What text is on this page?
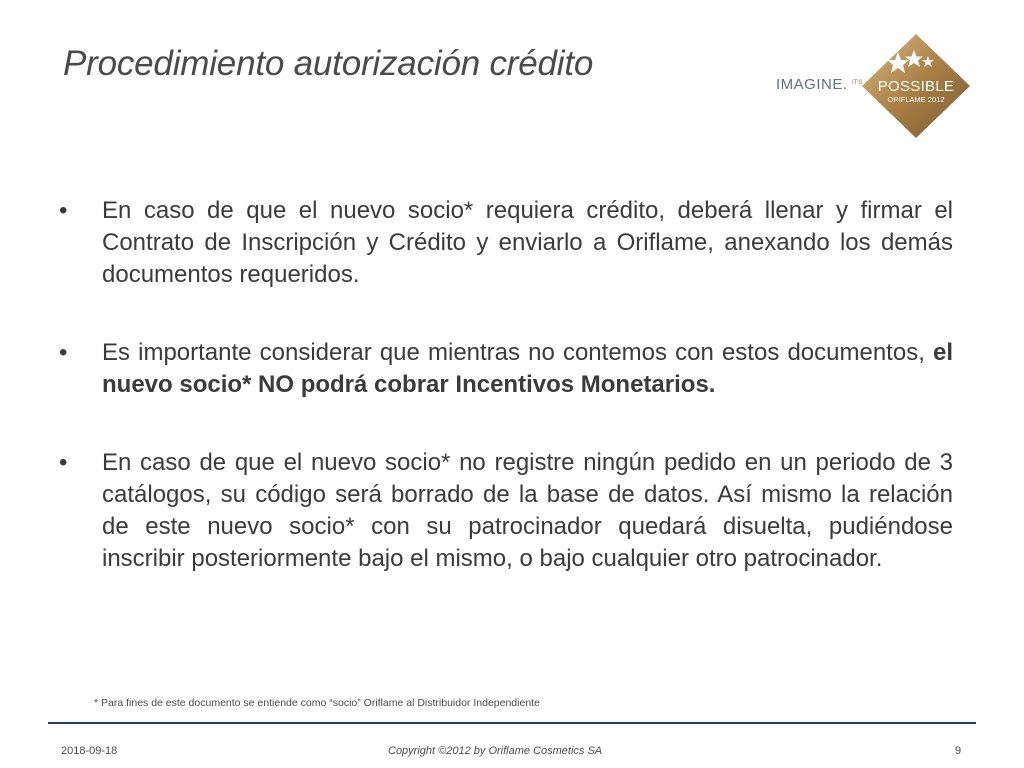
Procedimiento autorización crédito
IMAGINE. IT'S POSSIBLE
ORIFLAME 2012
•	En caso de que el nuevo socio* requiera crédito, deberá llenar y firmar el Contrato de Inscripción y Crédito y enviarlo a Oriflame, anexando los demás documentos requeridos.
•	Es importante considerar que mientras no contemos con estos documentos, el nuevo socio* NO podrá cobrar Incentivos Monetarios.
•	En caso de que el nuevo socio* no registre ningún pedido en un periodo de 3 catálogos, su código será borrado de la base de datos. Así mismo la relación de este nuevo socio* con su patrocinador quedará disuelta, pudiéndose inscribir posteriormente bajo el mismo, o bajo cualquier otro patrocinador.
* Para fines de este documento se entiende como “socio” Oriflame al Distribuidor Independiente
2018-09-18	Copyright ©2012 by Oriflame Cosmetics SA	9
